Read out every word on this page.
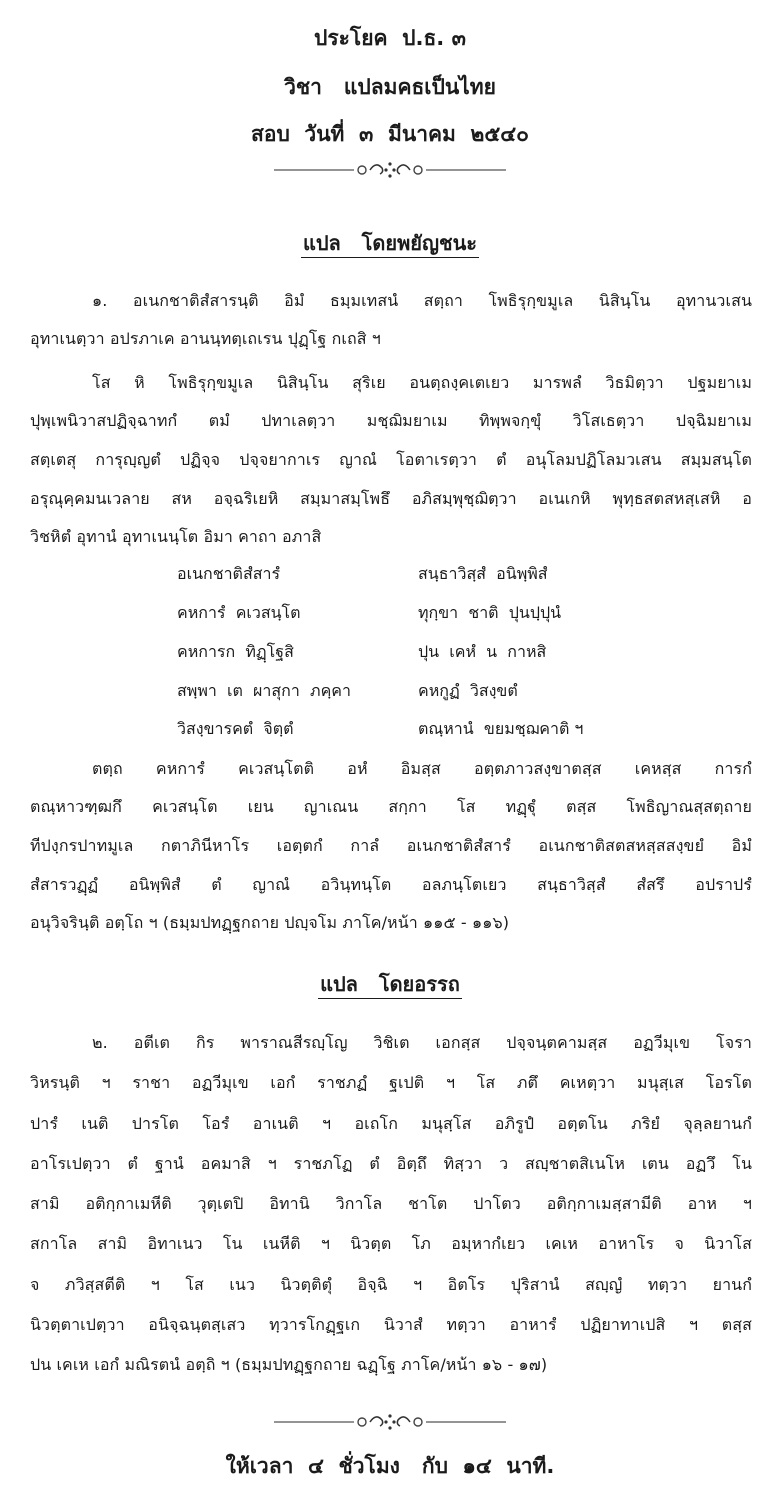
ประโยค  ป.ธ. ๓
วิชา   แปลมคธเป็นไทย
สอบ  วันที่  ๓  มีนาคม  ๒๕๔๐
แปล   โดยพยัญชนะ
๑. อเนกชาติสํสารนฺติ อิมํ ธมฺมเทสนํ สตฺถา โพธิรุกฺขมูเล นิสินฺโน อุทานวเสน
อุทาเนตฺวา อปรภาเค อานนฺทตฺเถเรน ปุฏฺโฐ กเถสิ ฯ
โส หิ โพธิรุกฺขมูเล นิสินฺโน สุริเย อนตฺถงฺคเตเยว มารพลํ วิธมิตฺวา ปฐมยาเม
ปุพฺเพนิวาสปฏิจฺฉาทกํ ตมํ ปทาเลตฺวา มชฺฌิมยาเม ทิพฺพจกฺขุํ วิโสเธตฺวา ปจฺฉิมยาเม
สตฺเตสุ การุญฺญตํ ปฏิจฺจ ปจฺจยากาเร ญาณํ โอตาเรตฺวา ตํ อนุโลมปฏิโลมวเสน สมฺมสนฺโต
อรุณุคฺคมนเวลาย สห อจฺฉริเยหิ สมฺมาสมฺโพธึ อภิสมฺพุชฺฌิตฺวา อเนเกหิ พุทฺธสตสหสฺเสหิ อ
วิชหิตํ อุทานํ อุทาเนนฺโต อิมา คาถา อภาสิ
อเนกชาติสํสารํ	สนฺธาวิสฺสํ  อนิพฺพิสํ
คหการํ  คเวสนฺโต	ทุกฺขา  ชาติ  ปุนปฺปุนํ
คหการก  ทิฏฺโฐสิ	ปุน  เคหํ  น  กาหสิ
สพฺพา  เต  ผาสุกา  ภคฺคา	คหกูฏํ  วิสงฺขตํ
วิสงฺขารคตํ  จิตฺตํ	ตณฺหานํ  ขยมชฺฌคาติ ฯ
ตตฺถ คหการํ คเวสนฺโตติ อหํ อิมสฺส อตฺตภาวสงฺขาตสฺส เคหสฺส การกํ
ตณฺหาวฑฺฒกึ คเวสนฺโต เยน ญาเณน สกฺกา โส ทฏฺฐุํ ตสฺส โพธิญาณสฺสตฺถาย
ทีปงฺกรปาทมูเล กตาภินีหาโร เอตฺตกํ กาลํ อเนกชาติสํสารํ อเนกชาติสตสหสฺสสงฺขยํ อิมํ
สํสารวฏฺฏํ อนิพฺพิสํ ตํ ญาณํ อวินฺทนฺโต อลภนฺโตเยว สนฺธาวิสฺสํ สํสรึ อปราปรํ
อนุวิจรินฺติ อตฺโถ ฯ (ธมฺมปทฏฺฐกถาย ปญฺจโม ภาโค/หน้า ๑๑๕ - ๑๑๖)
แปล   โดยอรรถ
๒. อตีเต กิร พาราณสีรญฺโญ วิชิเต เอกสฺส ปจฺจนฺตคามสฺส อฏวีมุเข โจรา
วิหรนฺติ ฯ ราชา อฏวีมุเข เอกํ ราชภฏํ ฐเปติ ฯ โส ภตึ คเหตฺวา มนุสฺเส โอรโต
ปารํ เนติ ปารโต โอรํ อาเนติ ฯ อเถโก มนุสฺโส อภิรูปํ อตฺตโน ภริยํ จุลฺลยานกํ
อาโรเปตฺวา ตํ ฐานํ อคมาสิ ฯ ราชภโฏ ตํ อิตฺถึ ทิสฺวา ว สญฺชาตสิเนโห เตน อฏวึ โน
สามิ อติกฺกาเมหีติ วุตฺเตปิ อิทานิ วิกาโล ชาโต ปาโตว อติกฺกาเมสฺสามีติ อาห ฯ
สกาโล สามิ อิทาเนว โน เนหีติ ฯ นิวตฺต โภ อมฺหากํเยว เคเห อาหาโร จ นิวาโส
จ ภวิสฺสตีติ ฯ โส เนว นิวตฺติตุํ อิจฺฉิ ฯ อิตโร ปุริสานํ สญฺญํ ทตฺวา ยานกํ
นิวตฺตาเปตฺวา อนิจฺฉนฺตสฺเสว ทฺวารโกฏฺฐเก นิวาสํ ทตฺวา อาหารํ ปฏิยาทาเปสิ ฯ ตสฺส
ปน เคเห เอกํ มณิรตนํ อตฺถิ ฯ (ธมฺมปทฏฺฐกถาย ฉฏฺโฐ ภาโค/หน้า ๑๖ - ๑๗)
ให้เวลา  ๔  ชั่วโมง   กับ  ๑๔  นาที.
